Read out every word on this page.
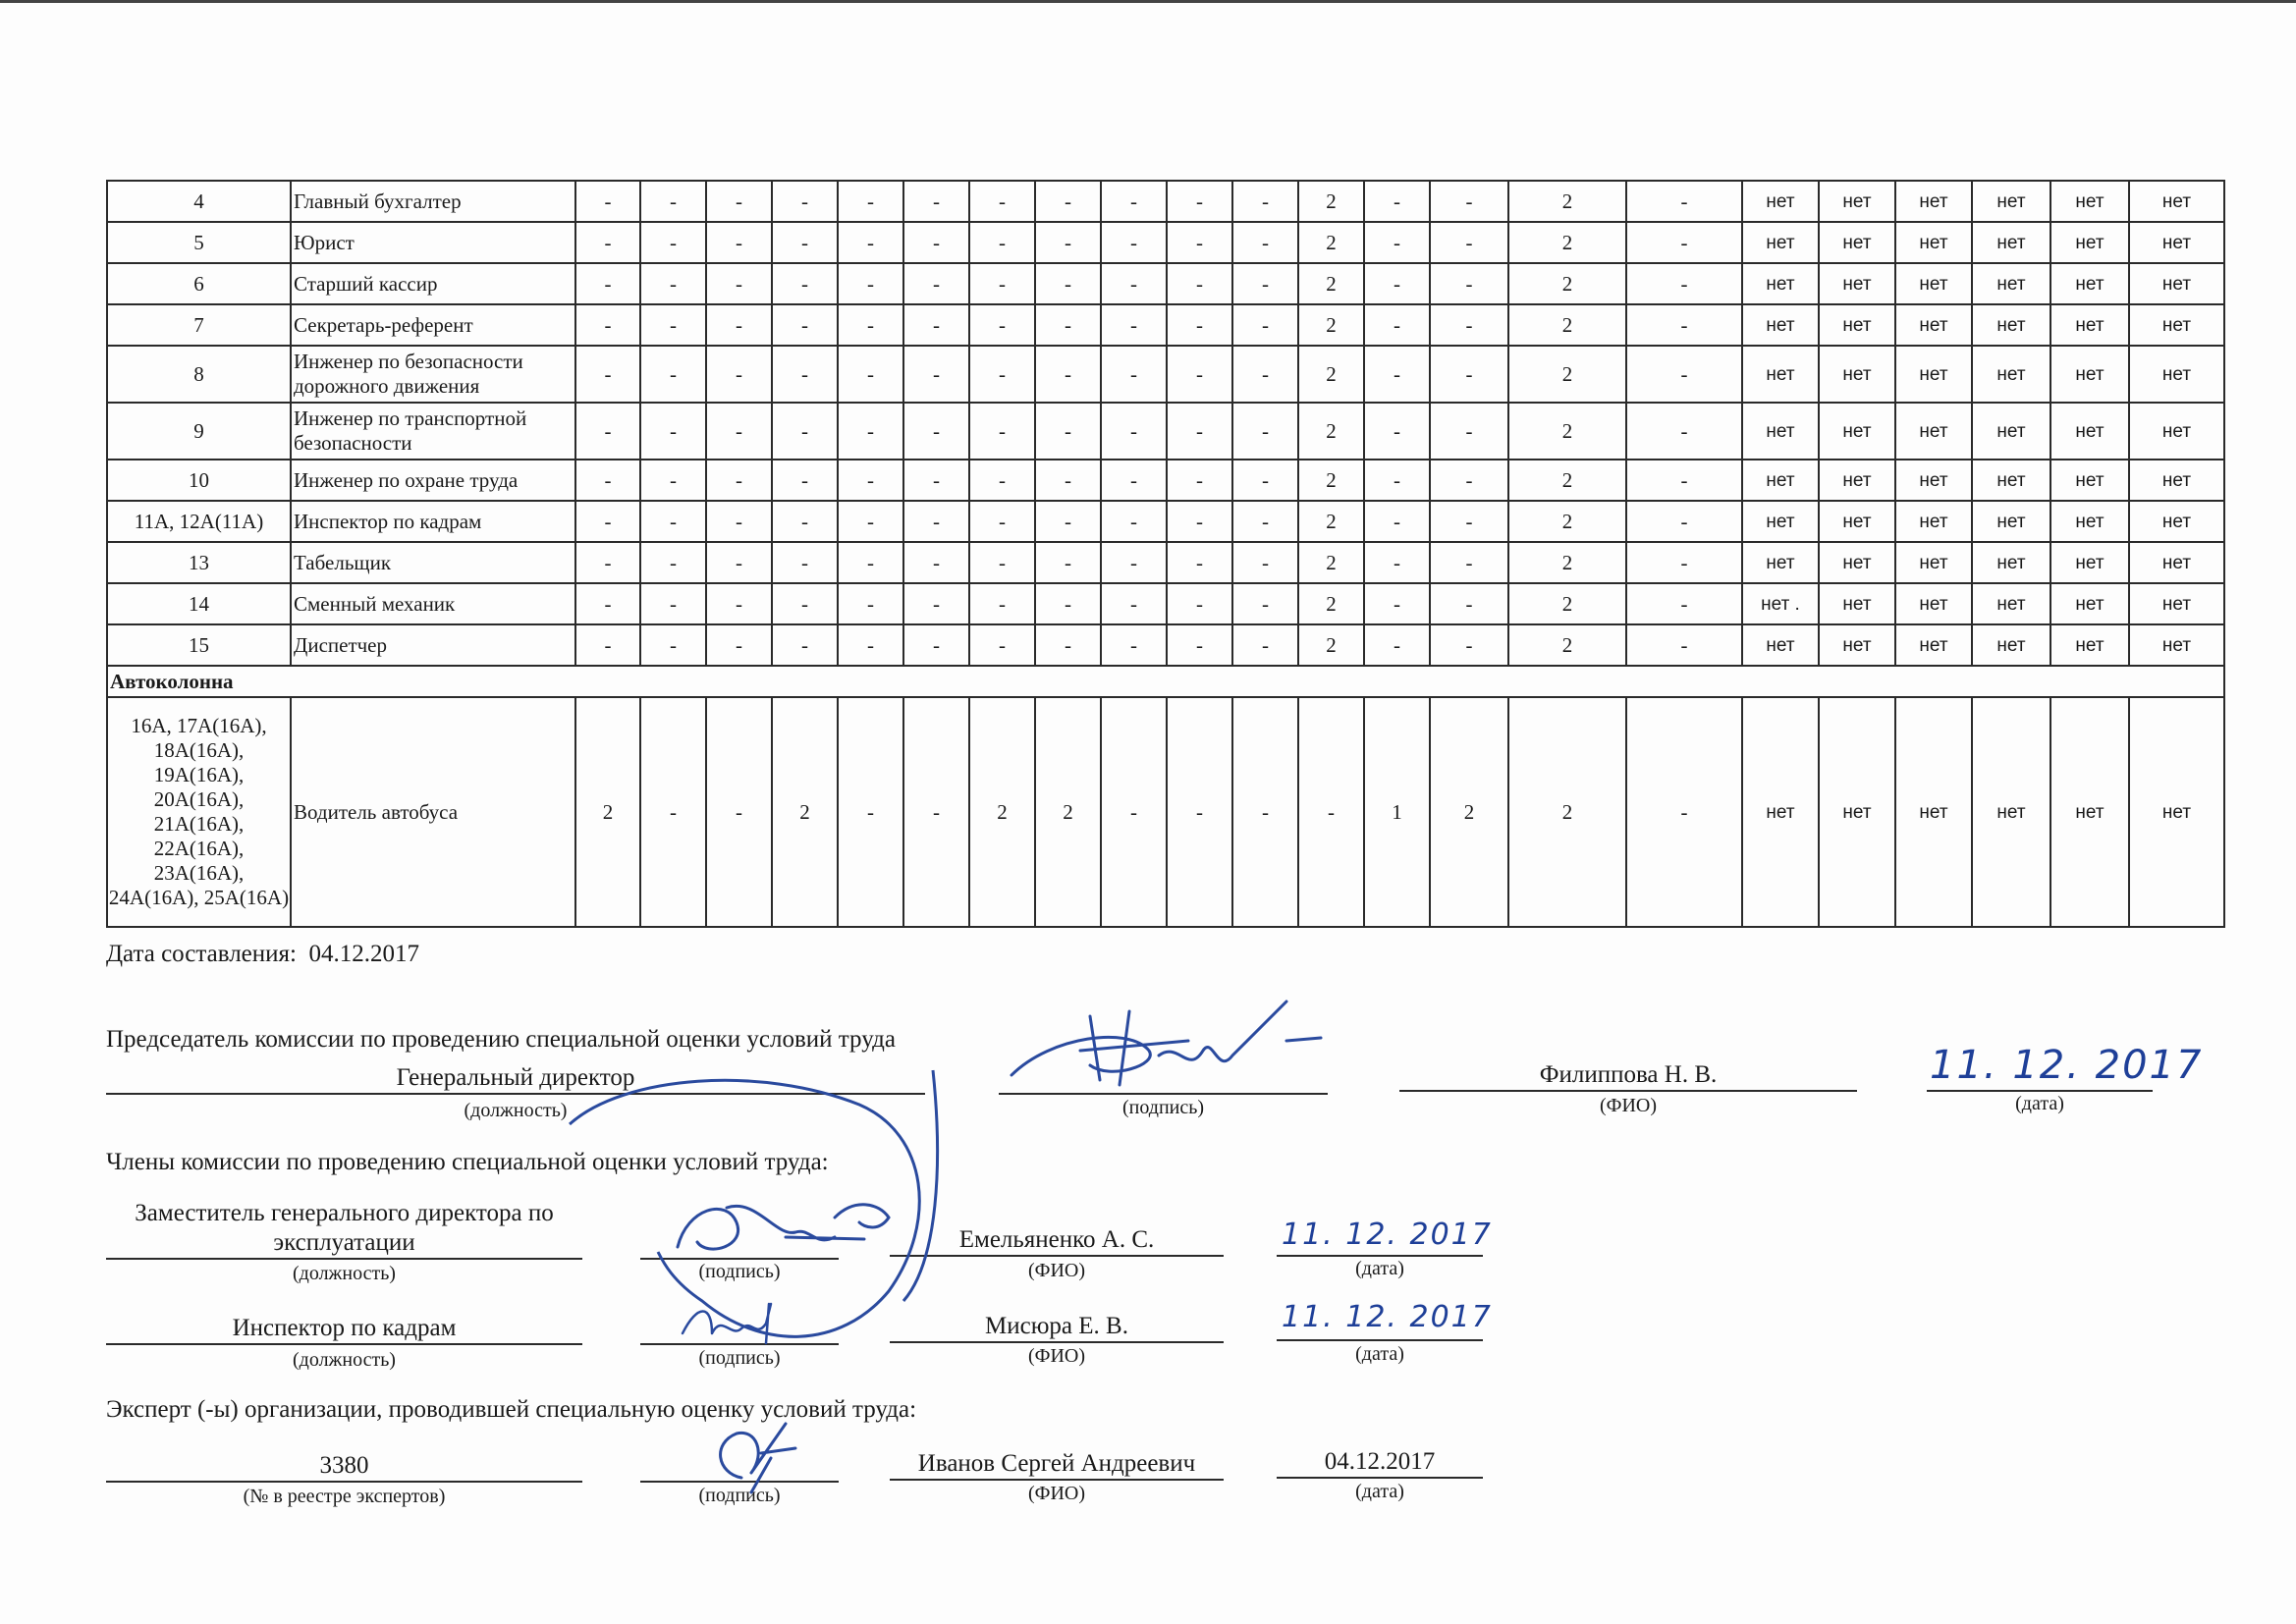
4	Главный бухгалтер	-	-	-	-	-	-	-	-	-	-	-	2	-	-	2	-	нет	нет	нет	нет	нет	нет
5	Юрист	-	-	-	-	-	-	-	-	-	-	-	2	-	-	2	-	нет	нет	нет	нет	нет	нет
6	Старший кассир	-	-	-	-	-	-	-	-	-	-	-	2	-	-	2	-	нет	нет	нет	нет	нет	нет
7	Секретарь-референт	-	-	-	-	-	-	-	-	-	-	-	2	-	-	2	-	нет	нет	нет	нет	нет	нет
8	Инженер по безопасности дорожного движения	-	-	-	-	-	-	-	-	-	-	-	2	-	-	2	-	нет	нет	нет	нет	нет	нет
9	Инженер по транспортной безопасности	-	-	-	-	-	-	-	-	-	-	-	2	-	-	2	-	нет	нет	нет	нет	нет	нет
10	Инженер по охране труда	-	-	-	-	-	-	-	-	-	-	-	2	-	-	2	-	нет	нет	нет	нет	нет	нет
11А, 12А(11А)	Инспектор по кадрам	-	-	-	-	-	-	-	-	-	-	-	2	-	-	2	-	нет	нет	нет	нет	нет	нет
13	Табельщик	-	-	-	-	-	-	-	-	-	-	-	2	-	-	2	-	нет	нет	нет	нет	нет	нет
14	Сменный механик	-	-	-	-	-	-	-	-	-	-	-	2	-	-	2	-	нет .	нет	нет	нет	нет	нет
15	Диспетчер	-	-	-	-	-	-	-	-	-	-	-	2	-	-	2	-	нет	нет	нет	нет	нет	нет
Автоколонна																							
16А, 17А(16А), 18А(16А), 19А(16А), 20А(16А), 21А(16А), 22А(16А), 23А(16А), 24А(16А), 25А(16А)	Водитель автобуса	2	-	-	2	-	-	2	2	-	-	-	-	1	2	2	-	нет	нет	нет	нет	нет	нет
Дата составления: 04.12.2017
Председатель комиссии по проведению специальной оценки условий труда
Генеральный директор
(должность)	(подпись)
Филиппова Н. В.
(ФИО)
11. 12. 2017
(дата)
Члены комиссии по проведению специальной оценки условий труда:
Заместитель генерального директора по
эксплуатации
(должность)	(подпись)
Емельяненко А. С.
(ФИО)
11. 12. 2017
(дата)
Инспектор по кадрам
(должность)	(подпись)
Мисюра Е. В.
(ФИО)
11. 12. 2017
(дата)
Эксперт (-ы) организации, проводившей специальную оценку условий труда:
3380
(№ в реестре экспертов)	(подпись)
Иванов Сергей Андреевич
(ФИО)
04.12.2017
(дата)
